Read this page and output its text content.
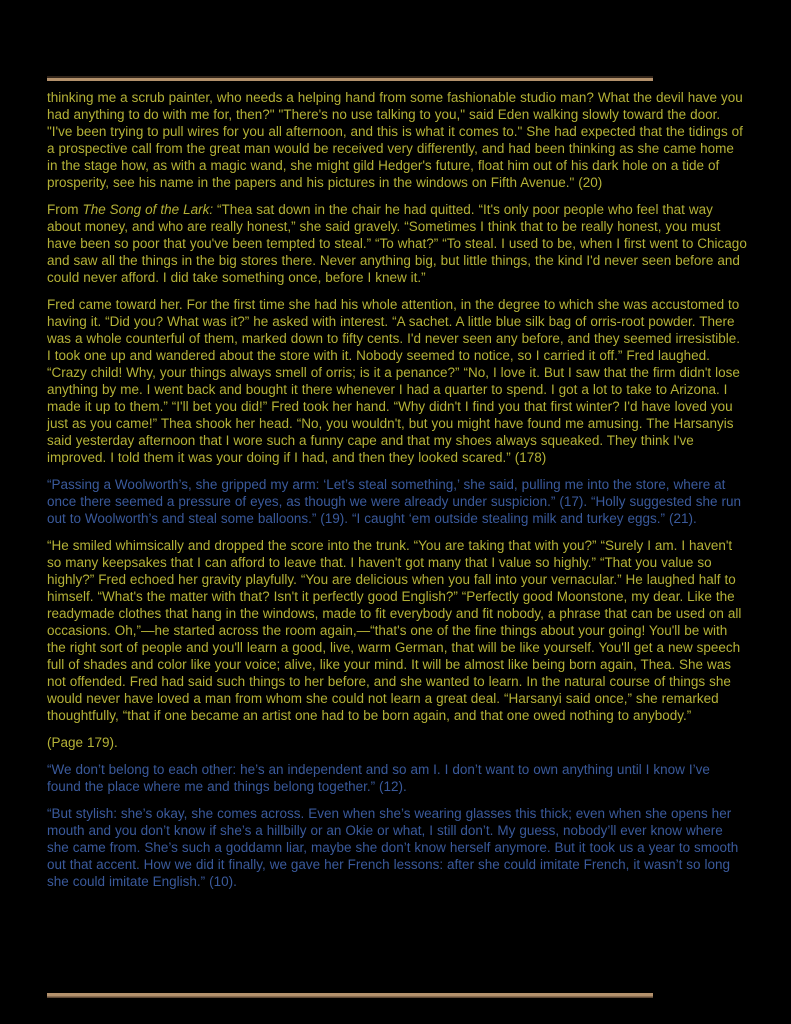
thinking me a scrub painter, who needs a helping hand from some fashionable studio man? What the devil have you had anything to do with me for, then?" "There's no use talking to you," said Eden walking slowly toward the door. "I've been trying to pull wires for you all afternoon, and this is what it comes to." She had expected that the tidings of a prospective call from the great man would be received very differently, and had been thinking as she came home in the stage how, as with a magic wand, she might gild Hedger's future, float him out of his dark hole on a tide of prosperity, see his name in the papers and his pictures in the windows on Fifth Avenue." (20)

From The Song of the Lark: “Thea sat down in the chair he had quitted. “It's only poor people who feel that way about money, and who are really honest,” she said gravely. “Sometimes I think that to be really honest, you must have been so poor that you've been tempted to steal.” “To what?” “To steal. I used to be, when I first went to Chicago and saw all the things in the big stores there. Never anything big, but little things, the kind I'd never seen before and could never afford. I did take something once, before I knew it.”

Fred came toward her. For the first time she had his whole attention, in the degree to which she was accustomed to having it. “Did you? What was it?” he asked with interest. “A sachet. A little blue silk bag of orris-root powder. There was a whole counterful of them, marked down to fifty cents. I'd never seen any before, and they seemed irresistible. I took one up and wandered about the store with it. Nobody seemed to notice, so I carried it off.” Fred laughed. “Crazy child! Why, your things always smell of orris; is it a penance?” “No, I love it. But I saw that the firm didn't lose anything by me. I went back and bought it there whenever I had a quarter to spend. I got a lot to take to Arizona. I made it up to them.” “I'll bet you did!” Fred took her hand. “Why didn't I find you that first winter? I'd have loved you just as you came!” Thea shook her head. “No, you wouldn't, but you might have found me amusing. The Harsanyis said yesterday afternoon that I wore such a funny cape and that my shoes always squeaked. They think I've improved. I told them it was your doing if I had, and then they looked scared.” (178)

“Passing a Woolworth’s, she gripped my arm: ‘Let’s steal something,’ she said, pulling me into the store, where at once there seemed a pressure of eyes, as though we were already under suspicion.” (17). “Holly suggested she run out to Woolworth’s and steal some balloons.” (19). “I caught ‘em outside stealing milk and turkey eggs.” (21).

“He smiled whimsically and dropped the score into the trunk. “You are taking that with you?” “Surely I am. I haven't so many keepsakes that I can afford to leave that. I haven't got many that I value so highly.” “That you value so highly?” Fred echoed her gravity playfully. “You are delicious when you fall into your vernacular.” He laughed half to himself. “What's the matter with that? Isn't it perfectly good English?” “Perfectly good Moonstone, my dear. Like the readymade clothes that hang in the windows, made to fit everybody and fit nobody, a phrase that can be used on all occasions. Oh,”—he started across the room again,—“that's one of the fine things about your going! You'll be with the right sort of people and you'll learn a good, live, warm German, that will be like yourself. You'll get a new speech full of shades and color like your voice; alive, like your mind. It will be almost like being born again, Thea. She was not offended. Fred had said such things to her before, and she wanted to learn. In the natural course of things she would never have loved a man from whom she could not learn a great deal. “Harsanyi said once,” she remarked thoughtfully, “that if one became an artist one had to be born again, and that one owed nothing to anybody.”

(Page 179).

“We don’t belong to each other: he’s an independent and so am I. I don’t want to own anything until I know I’ve found the place where me and things belong together.” (12).

“But stylish: she’s okay, she comes across. Even when she’s wearing glasses this thick; even when she opens her mouth and you don’t know if she’s a hillbilly or an Okie or what, I still don’t. My guess, nobody’ll ever know where she came from. She’s such a goddamn liar, maybe she don’t know herself anymore. But it took us a year to smooth out that accent. How we did it finally, we gave her French lessons: after she could imitate French, it wasn’t so long she could imitate English.” (10).
